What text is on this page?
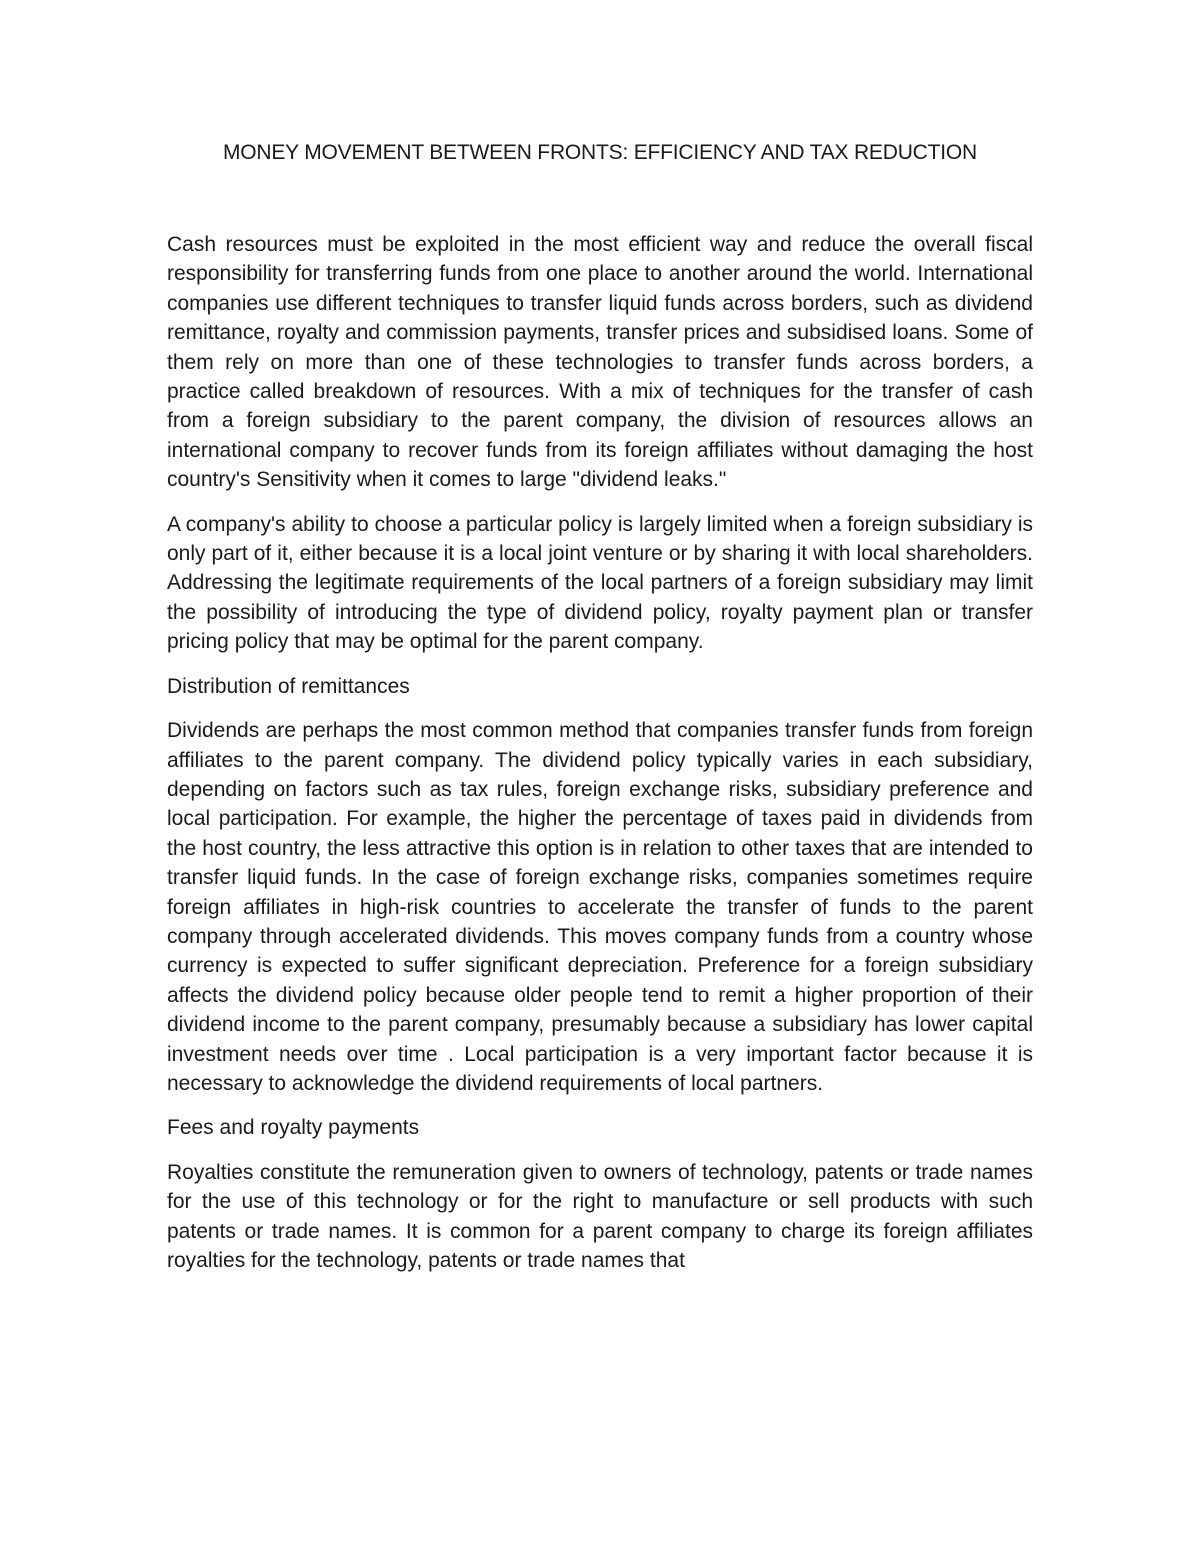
MONEY MOVEMENT BETWEEN FRONTS: EFFICIENCY AND TAX REDUCTION

Cash resources must be exploited in the most efficient way and reduce the overall fiscal responsibility for transferring funds from one place to another around the world. International companies use different techniques to transfer liquid funds across borders, such as dividend remittance, royalty and commission payments, transfer prices and subsidised loans. Some of them rely on more than one of these technologies to transfer funds across borders, a practice called breakdown of resources. With a mix of techniques for the transfer of cash from a foreign subsidiary to the parent company, the division of resources allows an international company to recover funds from its foreign affiliates without damaging the host country's Sensitivity when it comes to large "dividend leaks."

A company's ability to choose a particular policy is largely limited when a foreign subsidiary is only part of it, either because it is a local joint venture or by sharing it with local shareholders. Addressing the legitimate requirements of the local partners of a foreign subsidiary may limit the possibility of introducing the type of dividend policy, royalty payment plan or transfer pricing policy that may be optimal for the parent company.

Distribution of remittances

Dividends are perhaps the most common method that companies transfer funds from foreign affiliates to the parent company. The dividend policy typically varies in each subsidiary, depending on factors such as tax rules, foreign exchange risks, subsidiary preference and local participation. For example, the higher the percentage of taxes paid in dividends from the host country, the less attractive this option is in relation to other taxes that are intended to transfer liquid funds. In the case of foreign exchange risks, companies sometimes require foreign affiliates in high-risk countries to accelerate the transfer of funds to the parent company through accelerated dividends. This moves company funds from a country whose currency is expected to suffer significant depreciation. Preference for a foreign subsidiary affects the dividend policy because older people tend to remit a higher proportion of their dividend income to the parent company, presumably because a subsidiary has lower capital investment needs over time . Local participation is a very important factor because it is necessary to acknowledge the dividend requirements of local partners.

Fees and royalty payments

Royalties constitute the remuneration given to owners of technology, patents or trade names for the use of this technology or for the right to manufacture or sell products with such patents or trade names. It is common for a parent company to charge its foreign affiliates royalties for the technology, patents or trade names that
